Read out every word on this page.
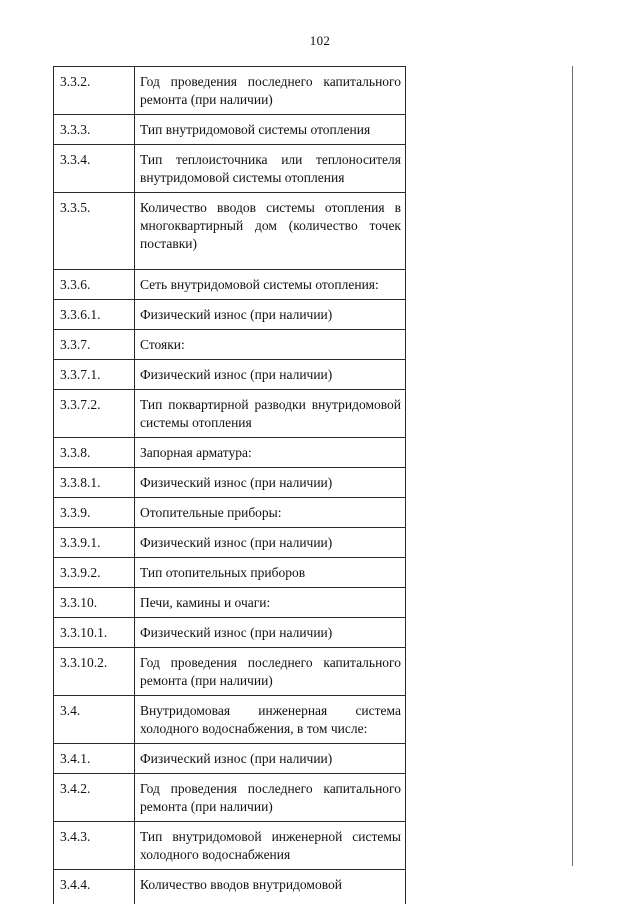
102
3.3.2.	Год проведения последнего капитального ремонта (при наличии)
3.3.3.	Тип внутридомовой системы отопления
3.3.4.	Тип теплоисточника или теплоносителя внутридомовой системы отопления
3.3.5.	Количество вводов системы отопления в многоквартирный дом (количество точек поставки)
3.3.6.	Сеть внутридомовой системы отопления:
3.3.6.1.	Физический износ (при наличии)
3.3.7.	Стояки:
3.3.7.1.	Физический износ (при наличии)
3.3.7.2.	Тип поквартирной разводки внутридомовой системы отопления
3.3.8.	Запорная арматура:
3.3.8.1.	Физический износ (при наличии)
3.3.9.	Отопительные приборы:
3.3.9.1.	Физический износ (при наличии)
3.3.9.2.	Тип отопительных приборов
3.3.10.	Печи, камины и очаги:
3.3.10.1.	Физический износ (при наличии)
3.3.10.2.	Год проведения последнего капитального ремонта (при наличии)
3.4.	Внутридомовая инженерная система холодного водоснабжения, в том числе:
3.4.1.	Физический износ (при наличии)
3.4.2.	Год проведения последнего капитального ремонта (при наличии)
3.4.3.	Тип внутридомовой инженерной системы холодного водоснабжения
3.4.4.	Количество вводов внутридомовой
